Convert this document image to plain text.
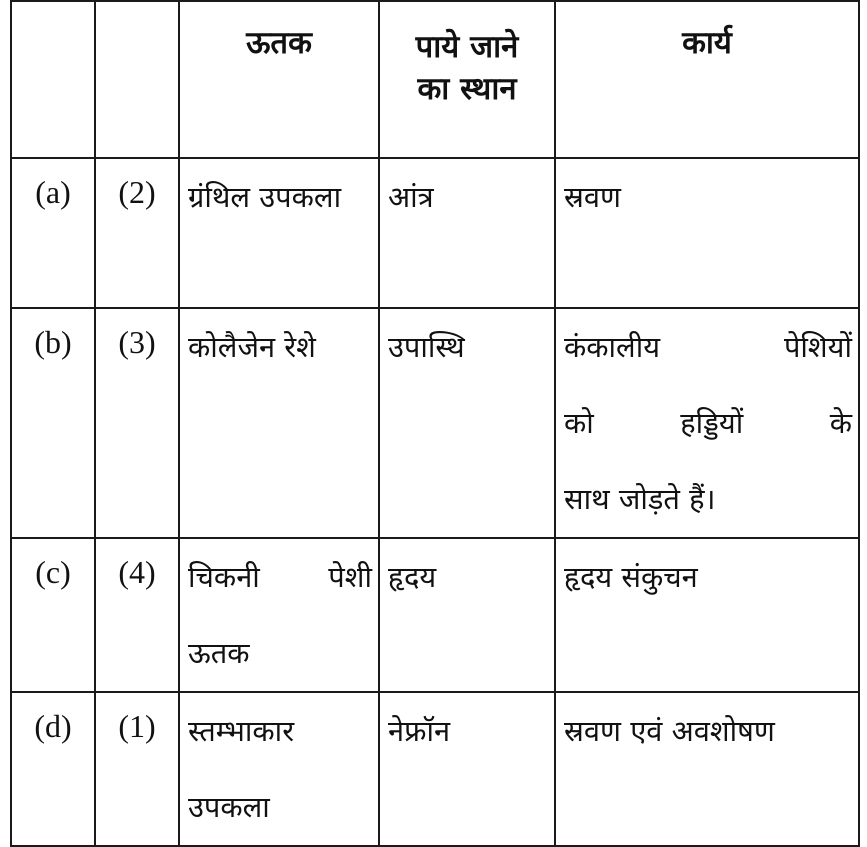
		ऊतक	पाये जाने
का स्थान	कार्य
(a)	(2)	ग्रंथिल उपकला	आंत्र	स्रवण
(b)	(3)	कोलैजेन रेशे	उपास्थि	कंकालीय पेशियों
को हड्डियों के
साथ जोड़ते हैं।

(c)	(4)	चिकनी पेशी ऊतक	हृदय	हृदय संकुचन
(d)	(1)	स्तम्भाकार उपकला	नेफ्रॉन	स्रवण एवं अवशोषण
